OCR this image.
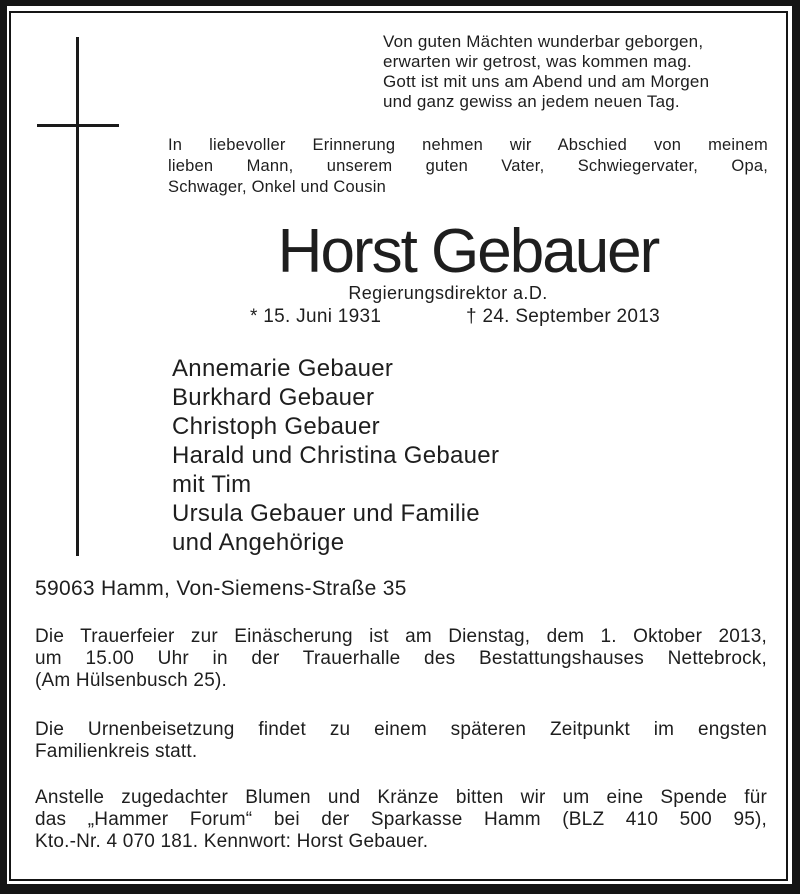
Von guten Mächten wunderbar geborgen,
erwarten wir getrost, was kommen mag.
Gott ist mit uns am Abend und am Morgen
und ganz gewiss an jedem neuen Tag.
In liebevoller Erinnerung nehmen wir Abschied von meinem
lieben Mann, unserem guten Vater, Schwiegervater, Opa,
Schwager, Onkel und Cousin
Horst Gebauer
Regierungsdirektor a.D.
* 15. Juni 1931	† 24. September 2013
Annemarie Gebauer
Burkhard Gebauer
Christoph Gebauer
Harald und Christina Gebauer
mit Tim
Ursula Gebauer und Familie
und Angehörige
59063 Hamm, Von-Siemens-Straße 35
Die Trauerfeier zur Einäscherung ist am Dienstag, dem 1. Oktober 2013,
um 15.00 Uhr in der Trauerhalle des Bestattungshauses Nettebrock,
(Am Hülsenbusch 25).
Die Urnenbeisetzung findet zu einem späteren Zeitpunkt im engsten
Familienkreis statt.
Anstelle zugedachter Blumen und Kränze bitten wir um eine Spende für
das „Hammer Forum“ bei der Sparkasse Hamm (BLZ 410 500 95),
Kto.-Nr. 4 070 181. Kennwort: Horst Gebauer.
